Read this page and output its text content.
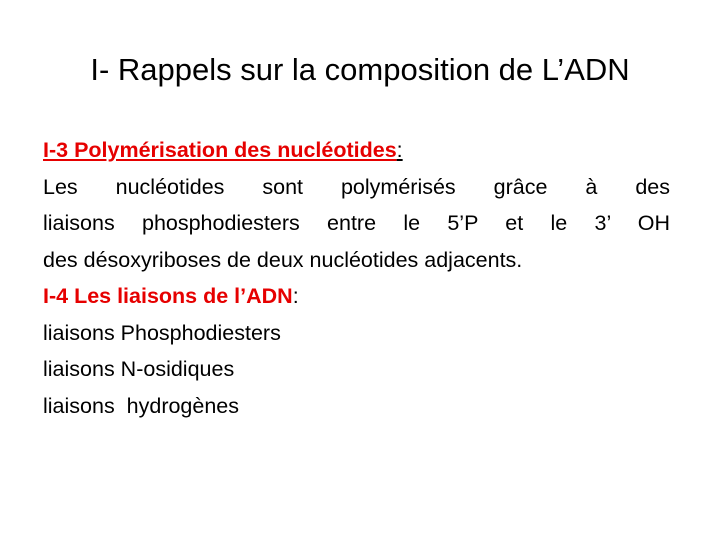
I- Rappels sur la composition de L’ADN
I-3 Polymérisation des nucléotides:
Les nucléotides sont polymérisés grâce à des
liaisons phosphodiesters entre le 5’P et le 3’ OH
des désoxyriboses de deux nucléotides adjacents.
I-4 Les liaisons de l’ADN:
liaisons Phosphodiesters
liaisons N-osidiques
liaisons  hydrogènes
